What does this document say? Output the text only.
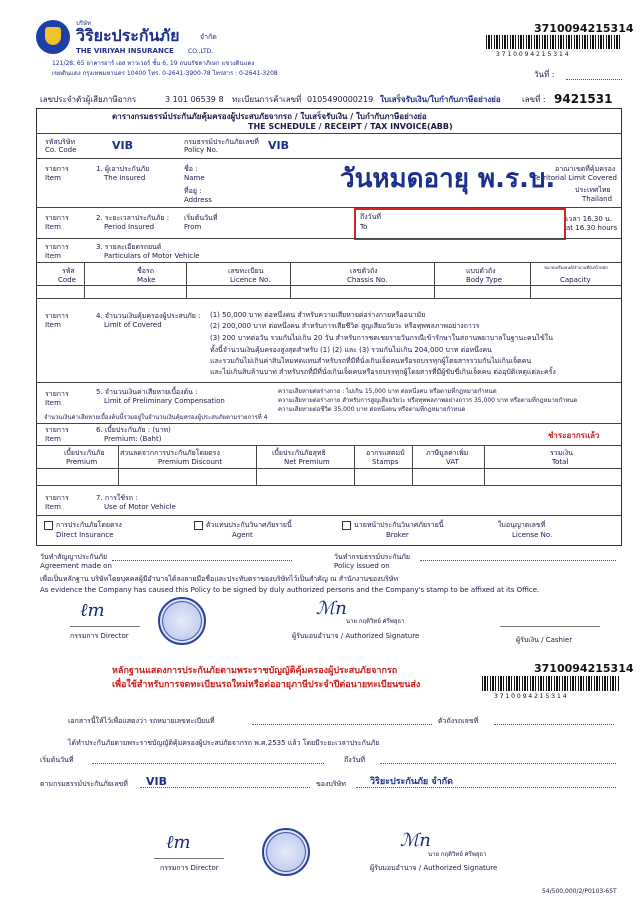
บริษัท
วิริยะประกันภัย	จำกัด
THE VIRIYAH INSURANCE CO.,LTD.
121/28, 65 อาคารอาร์ เอส ทาวเวอร์ ชั้น 6, 19 ถนนรัชดาภิเษก แขวงดินแดง
เขตดินแดง กรุงเทพมหานคร 10400 โทร. 0-2641-3900-78 โทรสาร : 0-2641-3208
3710094215314
3 7 1 0 0 9 4 2 1 5 3 1 4
วันที่ :
เลขประจำตัวผู้เสียภาษีอากร	3 101 06539 8 ทะเบียนการค้าเลขที่ 0105490000219 ใบเสร็จรับเงิน/ใบกำกับภาษีอย่างย่อ	เลขที่ : 9421531
ตารางกรมธรรม์ประกันภัยคุ้มครองผู้ประสบภัยจากรถ / ใบเสร็จรับเงิน / ใบกำกับภาษีอย่างย่อ
THE SCHEDULE / RECEIPT / TAX INVOICE(ABB)
รหัสบริษัท
Co. Code	VIB	กรมธรรม์ประกันภัยเลขที่
Policy No.	VIB
รายการ
Item
1. ผู้เอาประกันภัย
The Insured
ชื่อ :
Name
ที่อยู่ :
Address
อาณาเขตที่คุ้มครอง
Territorial Limit Covered
ประเทศไทย
Thailand
วันหมดอายุ พ.ร.บ.
รายการ
Item
2. ระยะเวลาประกันภัย :
Period Insured
เริ่มต้นวันที่
From
ถึงวันที่
To
เวลา 16.30 น.
at 16.30 hours
รายการ
Item
3. รายละเอียดรถยนต์
Particulars of Motor Vehicle
รหัส
Code
ชื่อรถ
Make
เลขทะเบียน
Licence No.
เลขตัวถัง
Chassis No.
แบบตัวถัง
Body Type
ขนาดเครื่องยนต์/จำนวนที่นั่ง/น้ำหนัก
Capacity
รายการ
Item
4. จำนวนเงินคุ้มครองผู้ประสบภัย :
Limit of Covered
(1) 50,000 บาท ต่อหนึ่งคน สำหรับความเสียหายต่อร่างกายหรืออนามัย
(2) 200,000 บาท ต่อหนึ่งคน สำหรับการเสียชีวิต สูญเสียอวัยวะ หรือทุพพลภาพอย่างถาวร
(3) 200 บาทต่อวัน รวมกันไม่เกิน 20 วัน สำหรับการชดเชยรายวันกรณีเข้ารักษาในสถานพยาบาลในฐานะคนไข้ใน
ทั้งนี้จำนวนเงินคุ้มครองสูงสุดสำหรับ (1) (2) และ (3) รวมกันไม่เกิน 204,000 บาท ต่อหนึ่งคน
และรวมกันไม่เกินค่าสินไหมทดแทนสำหรับรถที่มีที่นั่งเกินเจ็ดคนหรือรถบรรทุกผู้โดยสารรวมกันไม่เกินเจ็ดคน
และไม่เกินสิบล้านบาท สำหรับรถที่มีที่นั่งเกินเจ็ดคนหรือรถบรรทุกผู้โดยสารที่มีผู้ขับขี่เกินเจ็ดคน ต่ออุบัติเหตุแต่ละครั้ง
รายการ
Item
5. จำนวนเงินค่าเสียหายเบื้องต้น :
Limit of Preliminary Compensation
ความเสียหายต่อร่างกาย : ไม่เกิน 15,000 บาท ต่อหนึ่งคน หรือตามที่กฎหมายกำหนด
ความเสียหายต่อร่างกาย สำหรับการสูญเสียอวัยวะ หรือทุพพลภาพอย่างถาวร 35,000 บาท หรือตามที่กฎหมายกำหนด
ความเสียหายต่อชีวิต 35,000 บาท ต่อหนึ่งคน หรือตามที่กฎหมายกำหนด
จำนวนเงินค่าเสียหายเบื้องต้นนี้รวมอยู่ในจำนวนเงินคุ้มครองผู้ประสบภัยตามรายการที่ 4
รายการ
Item
6. เบี้ยประกันภัย : (บาท)
Premium: (Baht)	ชำระอากรแล้ว
เบี้ยประกันภัย
Premium
ส่วนลดจากการประกันภัยโดยตรง
Premium Discount
เบี้ยประกันภัยสุทธิ
Net Premium
อากรแสตมป์
Stamps
ภาษีมูลค่าเพิ่ม
VAT
รวมเงิน
Total
รายการ
Item
7. การใช้รถ :
Use of Motor Vehicle
การประกันภัยโดยตรง
Direct Insurance
ตัวแทนประกันวินาศภัยรายนี้
Agent
นายหน้าประกันวินาศภัยรายนี้
Broker
ใบอนุญาตเลขที่
License No.
วันทำสัญญาประกันภัย
Agreement made on
วันทำกรมธรรม์ประกันภัย
Policy issued on
เพื่อเป็นหลักฐาน บริษัทโดยบุคคลผู้มีอำนาจได้ลงลายมือชื่อและประทับตราของบริษัทไว้เป็นสำคัญ ณ สำนักงานของบริษัท
As evidence the Company has caused this Policy to be signed by duly authorized persons and the Company's stamp to be affixed at its Office.
ℓm
กรรมการ Director
ℳn
นาย กฤติวิทย์ ศรีพสุธา
ผู้รับมอบอำนาจ / Authorized Signature	ผู้รับเงิน / Cashier
3710094215314
3 7 1 0 0 9 4 2 1 5 3 1 4
หลักฐานแสดงการประกันภัยตามพระราชบัญญัติคุ้มครองผู้ประสบภัยจากรถ
เพื่อใช้สำหรับการจดทะเบียนรถใหม่หรือต่ออายุภาษีประจำปีต่อนายทะเบียนขนส่ง
เอกสารนี้ให้ไว้เพื่อแสดงว่า รถหมายเลขทะเบียนที่	ตัวถังรถเลขที่
ได้ทำประกันภัยตามพระราชบัญญัติคุ้มครองผู้ประสบภัยจากรถ พ.ศ.2535 แล้ว โดยมีระยะเวลาประกันภัย
เริ่มต้นวันที่	ถึงวันที่
ตามกรมธรรม์ประกันภัยเลขที่ VIB	ของบริษัท	วิริยะประกันภัย จำกัด
ℓm
กรรมการ Director
ℳn
นาย กฤติวิทย์ ศรีพสุธา
ผู้รับมอบอำนาจ / Authorized Signature
54/500,000/2/P0103-65T
